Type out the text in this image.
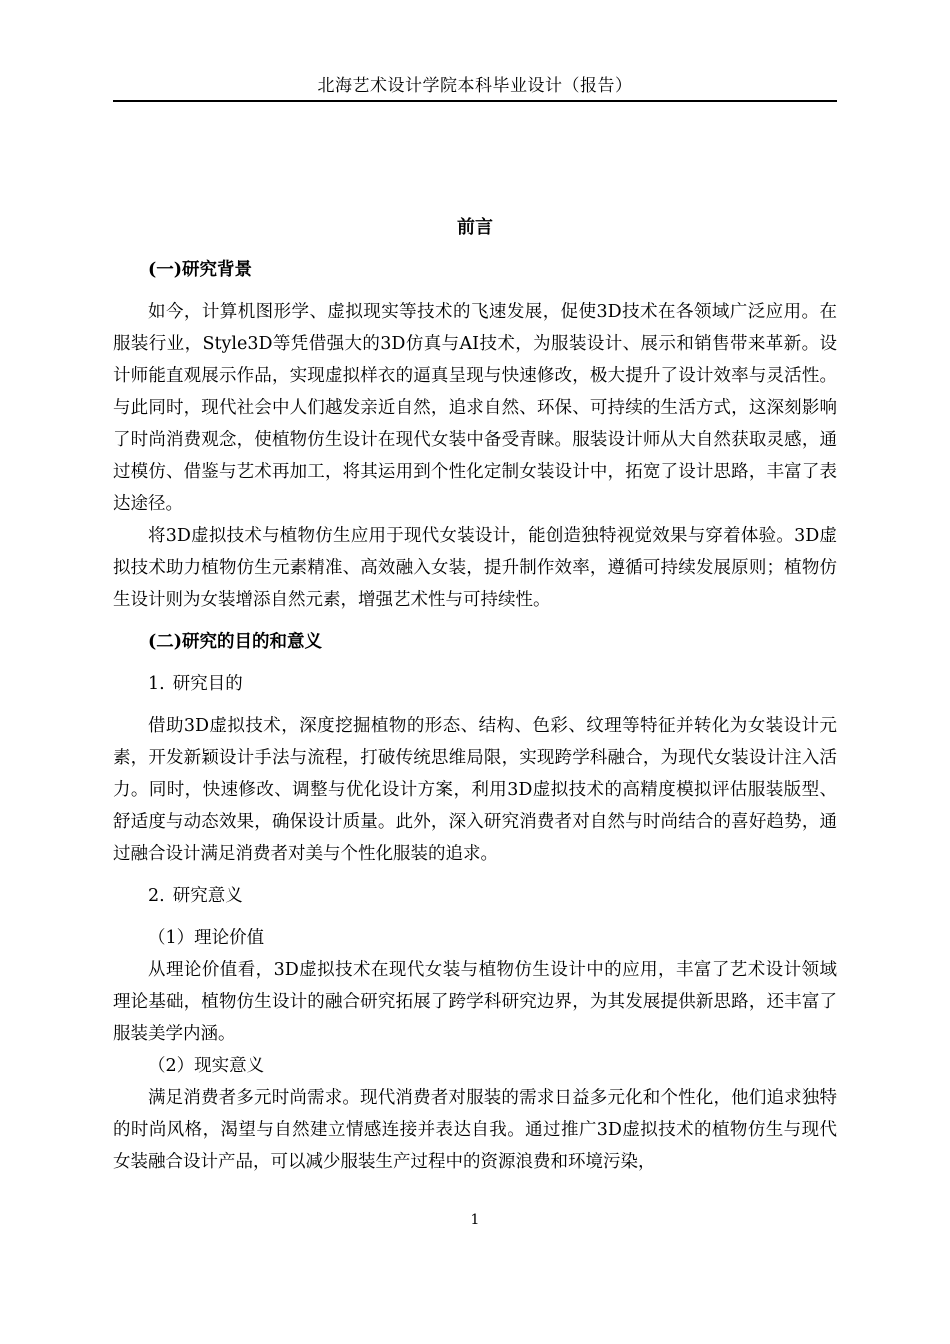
北海艺术设计学院本科毕业设计（报告）
前言
(一)研究背景

如今，计算机图形学、虚拟现实等技术的飞速发展，促使3D技术在各领域广泛应用。在服装行业，Style3D等凭借强大的3D仿真与AI技术，为服装设计、展示和销售带来革新。设计师能直观展示作品，实现虚拟样衣的逼真呈现与快速修改，极大提升了设计效率与灵活性。与此同时，现代社会中人们越发亲近自然，追求自然、环保、可持续的生活方式，这深刻影响了时尚消费观念，使植物仿生设计在现代女装中备受青睐。服装设计师从大自然获取灵感，通过模仿、借鉴与艺术再加工，将其运用到个性化定制女装设计中，拓宽了设计思路，丰富了表达途径。

将3D虚拟技术与植物仿生应用于现代女装设计，能创造独特视觉效果与穿着体验。3D虚拟技术助力植物仿生元素精准、高效融入女装，提升制作效率，遵循可持续发展原则；植物仿生设计则为女装增添自然元素，增强艺术性与可持续性。

(二)研究的目的和意义
1. 研究目的

借助3D虚拟技术，深度挖掘植物的形态、结构、色彩、纹理等特征并转化为女装设计元素，开发新颖设计手法与流程，打破传统思维局限，实现跨学科融合，为现代女装设计注入活力。同时，快速修改、调整与优化设计方案，利用3D虚拟技术的高精度模拟评估服装版型、舒适度与动态效果，确保设计质量。此外，深入研究消费者对自然与时尚结合的喜好趋势，通过融合设计满足消费者对美与个性化服装的追求。

2. 研究意义
（1）理论价值

从理论价值看，3D虚拟技术在现代女装与植物仿生设计中的应用，丰富了艺术设计领域理论基础，植物仿生设计的融合研究拓展了跨学科研究边界，为其发展提供新思路，还丰富了服装美学内涵。

（2）现实意义

满足消费者多元时尚需求。现代消费者对服装的需求日益多元化和个性化，他们追求独特的时尚风格，渴望与自然建立情感连接并表达自我。通过推广3D虚拟技术的植物仿生与现代女装融合设计产品，可以减少服装生产过程中的资源浪费和环境污染，

1
